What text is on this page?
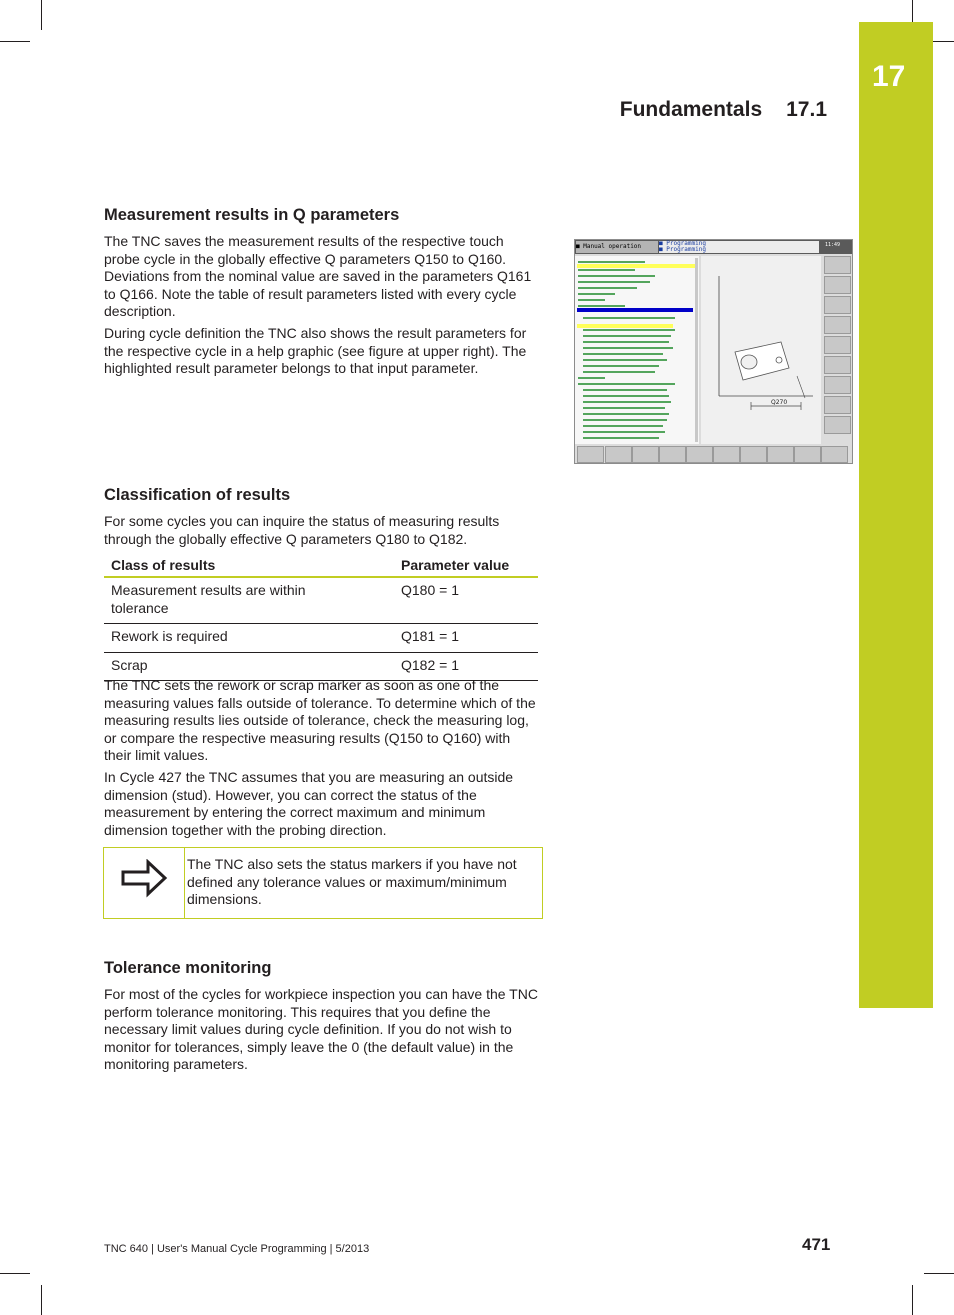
17
Fundamentals 17.1
Measurement results in Q parameters

The TNC saves the measurement results of the respective touch probe cycle in the globally effective Q parameters Q150 to Q160. Deviations from the nominal value are saved in the parameters Q161 to Q166. Note the table of result parameters listed with every cycle description.

During cycle definition the TNC also shows the result parameters for the respective cycle in a help graphic (see figure at upper right). The highlighted result parameter belongs to that input parameter.

■ Manual operation	■ Programming
■ Programming
11:49
Q270
Classification of results

For some cycles you can inquire the status of measuring results through the globally effective Q parameters Q180 to Q182.

Class of results	Parameter value
Measurement results are within tolerance	Q180 = 1
Rework is required	Q181 = 1
Scrap	Q182 = 1

The TNC sets the rework or scrap marker as soon as one of the measuring values falls outside of tolerance. To determine which of the measuring results lies outside of tolerance, check the measuring log, or compare the respective measuring results (Q150 to Q160) with their limit values.

In Cycle 427 the TNC assumes that you are measuring an outside dimension (stud). However, you can correct the status of the measurement by entering the correct maximum and minimum dimension together with the probing direction.

The TNC also sets the status markers if you have not defined any tolerance values or maximum/minimum dimensions.

Tolerance monitoring

For most of the cycles for workpiece inspection you can have the TNC perform tolerance monitoring. This requires that you define the necessary limit values during cycle definition. If you do not wish to monitor for tolerances, simply leave the 0 (the default value) in the monitoring parameters.

TNC 640 | User's Manual Cycle Programming | 5/2013	471
